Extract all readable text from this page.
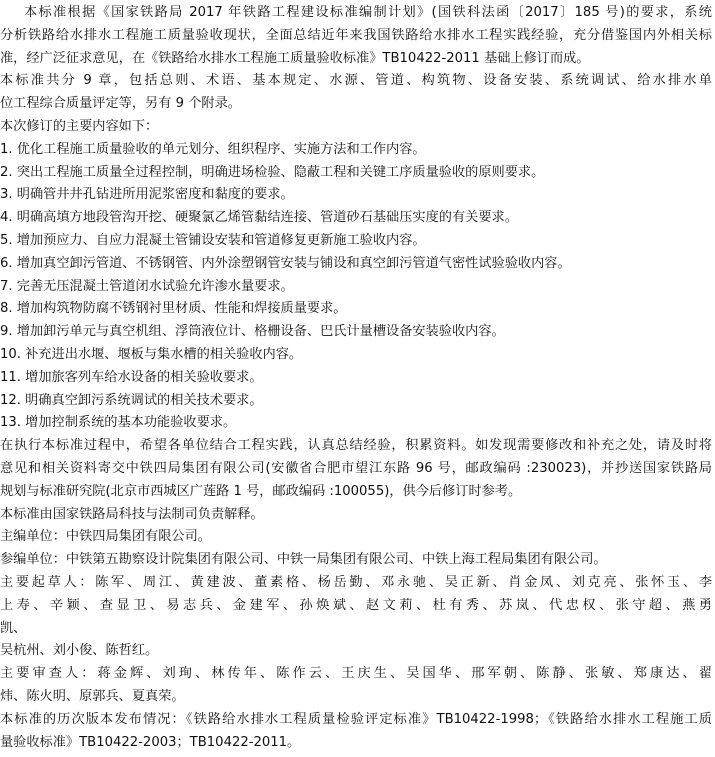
本标准根据《国家铁路局 2017 年铁路工程建设标准编制计划》(国铁科法函〔2017〕185 号)的要求，系统
分析铁路给水排水工程施工质量验收现状，全面总结近年来我国铁路给水排水工程实践经验，充分借鉴国内外相关标
准，经广泛征求意见，在《铁路给水排水工程施工质量验收标准》TB10422-2011 基础上修订而成。
本标准共分 9 章，包括总则、术语、基本规定、水源、管道、构筑物、设备安装、系统调试、给水排水单
位工程综合质量评定等，另有 9 个附录。
本次修订的主要内容如下：
1. 优化工程施工质量验收的单元划分、组织程序、实施方法和工作内容。
2. 突出工程施工质量全过程控制，明确进场检验、隐蔽工程和关键工序质量验收的原则要求。
3. 明确管井井孔钻进所用泥浆密度和黏度的要求。
4. 明确高填方地段管沟开挖、硬聚氯乙烯管黏结连接、管道砂石基础压实度的有关要求。
5. 增加预应力、自应力混凝土管铺设安装和管道修复更新施工验收内容。
6. 增加真空卸污管道、不锈钢管、内外涂塑钢管安装与铺设和真空卸污管道气密性试验验收内容。
7. 完善无压混凝土管道闭水试验允许渗水量要求。
8. 增加构筑物防腐不锈钢衬里材质、性能和焊接质量要求。
9. 增加卸污单元与真空机组、浮筒液位计、格栅设备、巴氏计量槽设备安装验收内容。
10. 补充进出水堰、堰板与集水槽的相关验收内容。
11. 增加旅客列车给水设备的相关验收要求。
12. 明确真空卸污系统调试的相关技术要求。
13. 增加控制系统的基本功能验收要求。
在执行本标准过程中，希望各单位结合工程实践，认真总结经验，积累资料。如发现需要修改和补充之处，请及时将
意见和相关资料寄交中铁四局集团有限公司(安徽省合肥市望江东路 96 号，邮政编码 :230023)，并抄送国家铁路局
规划与标准研究院(北京市西城区广莲路 1 号，邮政编码 :100055)，供今后修订时参考。
本标准由国家铁路局科技与法制司负责解释。
主编单位：中铁四局集团有限公司。
参编单位：中铁第五勘察设计院集团有限公司、中铁一局集团有限公司、中铁上海工程局集团有限公司。
主要起草人：陈军、周江、黄建波、董素格、杨岳勤、邓永驰、吴正新、肖金凤、刘克亮、张怀玉、李
上寿、辛颖、查显卫、易志兵、金建军、孙焕斌、赵文莉、杜有秀、苏岚、代忠权、张守超、燕勇
凯、
吴杭州、刘小俊、陈哲红。
主要审查人：蒋金辉、刘珣、林传年、陈作云、王庆生、吴国华、邢军朝、陈静、张敏、郑康达、翟
炜、陈火明、原郭兵、夏真荣。
本标准的历次版本发布情况：《铁路给水排水工程质量检验评定标准》TB10422-1998；《铁路给水排水工程施工质
量验收标准》TB10422-2003；TB10422-2011。
